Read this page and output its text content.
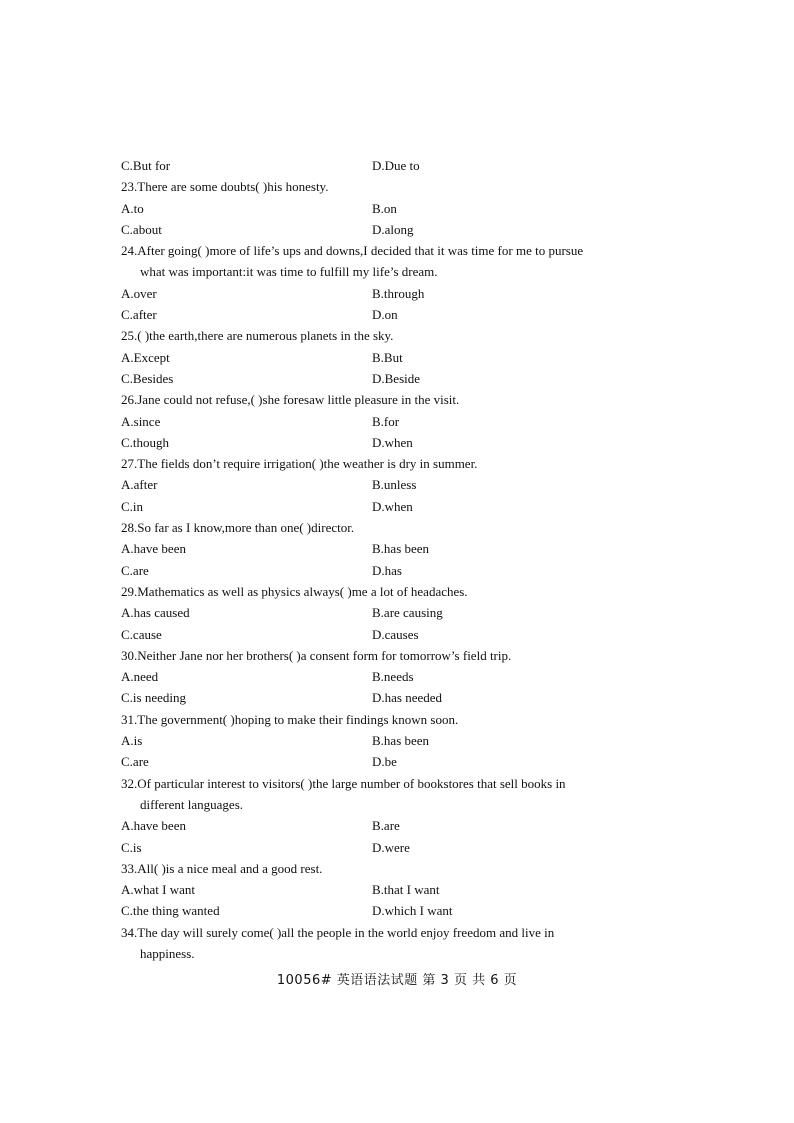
C.But for	D.Due to
23.There are some doubts( )his honesty.
A.to	B.on
C.about	D.along
24.After going( )more of life’s ups and downs,I decided that it was time for me to pursue
what was important:it was time to fulfill my life’s dream.
A.over	B.through
C.after	D.on
25.( )the earth,there are numerous planets in the sky.
A.Except	B.But
C.Besides	D.Beside
26.Jane could not refuse,( )she foresaw little pleasure in the visit.
A.since	B.for
C.though	D.when
27.The fields don’t require irrigation( )the weather is dry in summer.
A.after	B.unless
C.in	D.when
28.So far as I know,more than one( )director.
A.have been	B.has been
C.are	D.has
29.Mathematics as well as physics always( )me a lot of headaches.
A.has caused	B.are causing
C.cause	D.causes
30.Neither Jane nor her brothers( )a consent form for tomorrow’s field trip.
A.need	B.needs
C.is needing	D.has needed
31.The government( )hoping to make their findings known soon.
A.is	B.has been
C.are	D.be
32.Of particular interest to visitors( )the large number of bookstores that sell books in
different languages.
A.have been	B.are
C.is	D.were
33.All( )is a nice meal and a good rest.
A.what I want	B.that I want
C.the thing wanted	D.which I want
34.The day will surely come( )all the people in the world enjoy freedom and live in
happiness.
10056# 英语语法试题 第 3 页 共 6 页
